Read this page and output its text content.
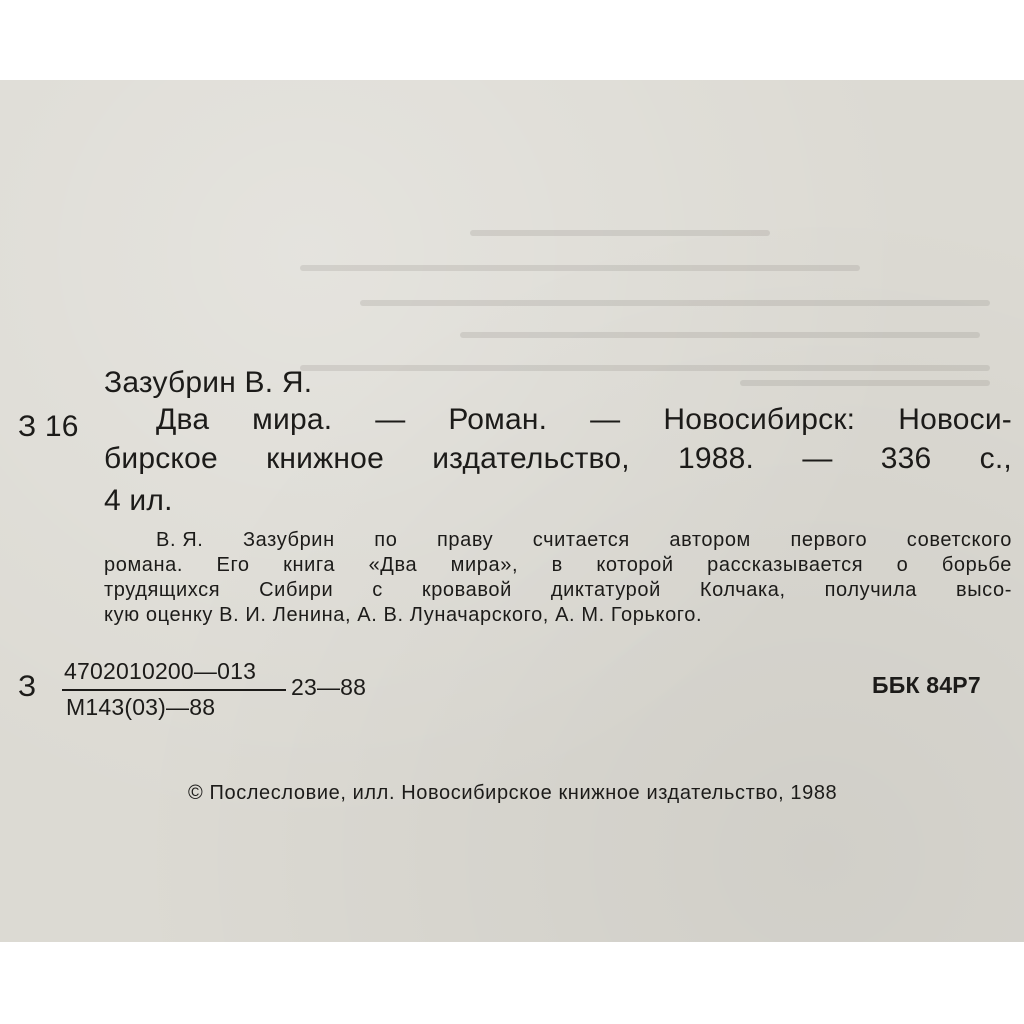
Зазубрин В. Я.
З 16	Два мира. — Роман. — Новосибирск: Новоси-
бирское книжное издательство, 1988. — 336 с.,
4 ил.
В. Я. Зазубрин по праву считается автором первого советского
романа. Его книга «Два мира», в которой рассказывается о борьбе
трудящихся Сибири с кровавой диктатурой Колчака, получила высо-
кую оценку В. И. Ленина, А. В. Луначарского, А. М. Горького.
З 4702010200—013
М143(03)—88
23—88	ББК 84Р7
© Послесловие, илл. Новосибирское книжное издательство, 1988
